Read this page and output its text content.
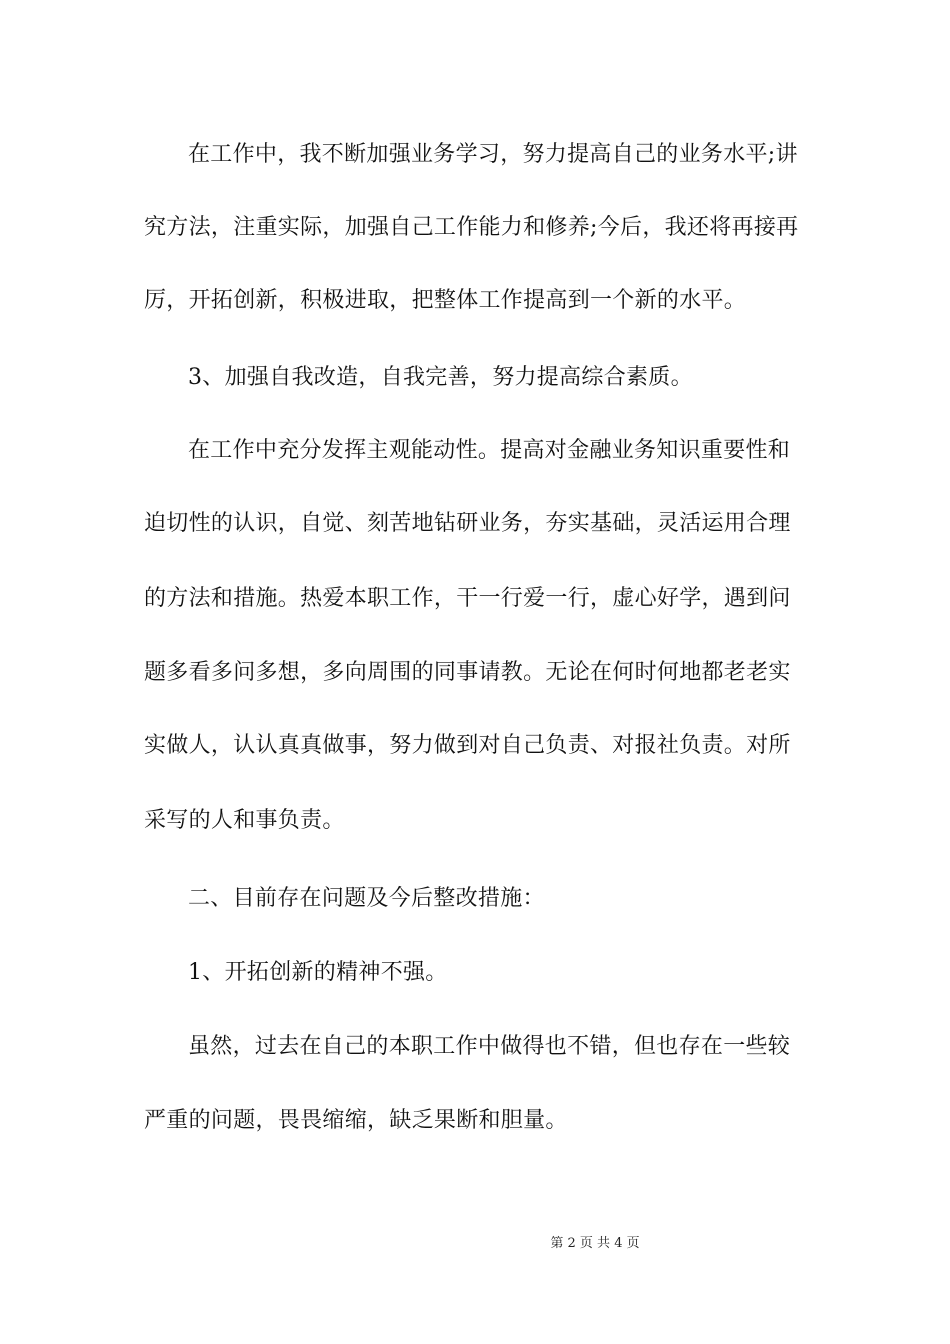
在工作中，我不断加强业务学习，努力提高自己的业务水平;讲
究方法，注重实际，加强自己工作能力和修养;今后，我还将再接再
厉，开拓创新，积极进取，把整体工作提高到一个新的水平。
3、加强自我改造，自我完善，努力提高综合素质。
在工作中充分发挥主观能动性。提高对金融业务知识重要性和
迫切性的认识，自觉、刻苦地钻研业务，夯实基础，灵活运用合理
的方法和措施。热爱本职工作，干一行爱一行，虚心好学，遇到问
题多看多问多想，多向周围的同事请教。无论在何时何地都老老实
实做人，认认真真做事，努力做到对自己负责、对报社负责。对所
采写的人和事负责。
二、目前存在问题及今后整改措施：
1、开拓创新的精神不强。
虽然，过去在自己的本职工作中做得也不错，但也存在一些较
严重的问题，畏畏缩缩，缺乏果断和胆量。
第 2 页 共 4 页
